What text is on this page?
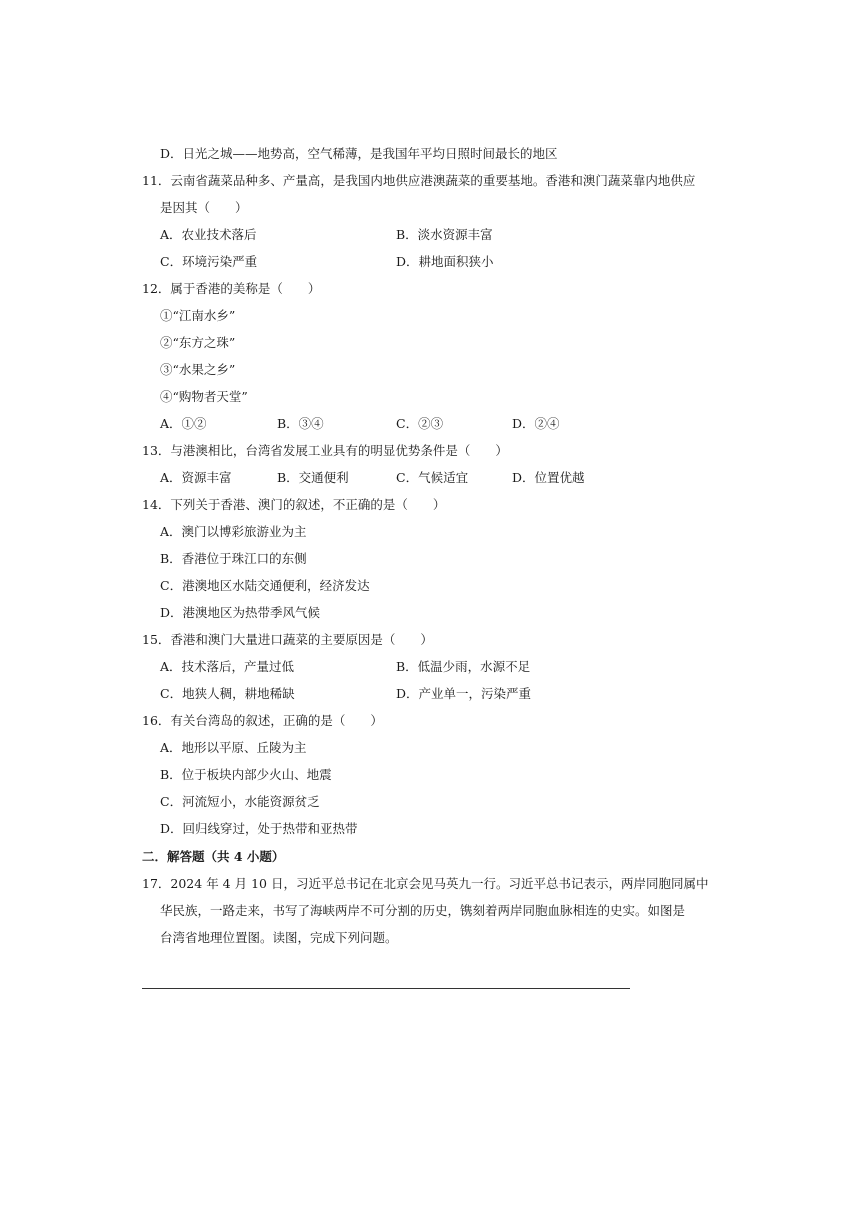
D．日光之城——地势高，空气稀薄，是我国年平均日照时间最长的地区
11．云南省蔬菜品种多、产量高，是我国内地供应港澳蔬菜的重要基地。香港和澳门蔬菜靠内地供应
是因其（　　）
A．农业技术落后	B．淡水资源丰富
C．环境污染严重	D．耕地面积狭小
12．属于香港的美称是（　　）
①“江南水乡”
②“东方之珠”
③“水果之乡”
④“购物者天堂”
A．①②	B．③④	C．②③	D．②④
13．与港澳相比，台湾省发展工业具有的明显优势条件是（　　）
A．资源丰富	B．交通便利	C．气候适宜	D．位置优越
14．下列关于香港、澳门的叙述，不正确的是（　　）
A．澳门以博彩旅游业为主
B．香港位于珠江口的东侧
C．港澳地区水陆交通便利，经济发达
D．港澳地区为热带季风气候
15．香港和澳门大量进口蔬菜的主要原因是（　　）
A．技术落后，产量过低	B．低温少雨，水源不足
C．地狭人稠，耕地稀缺	D．产业单一，污染严重
16．有关台湾岛的叙述，正确的是（　　）
A．地形以平原、丘陵为主
B．位于板块内部少火山、地震
C．河流短小，水能资源贫乏
D．回归线穿过，处于热带和亚热带
二．解答题（共 4 小题）
17．2024 年 4 月 10 日，习近平总书记在北京会见马英九一行。习近平总书记表示，两岸同胞同属中
华民族，一路走来，书写了海峡两岸不可分割的历史，镌刻着两岸同胞血脉相连的史实。如图是
台湾省地理位置图。读图，完成下列问题。
